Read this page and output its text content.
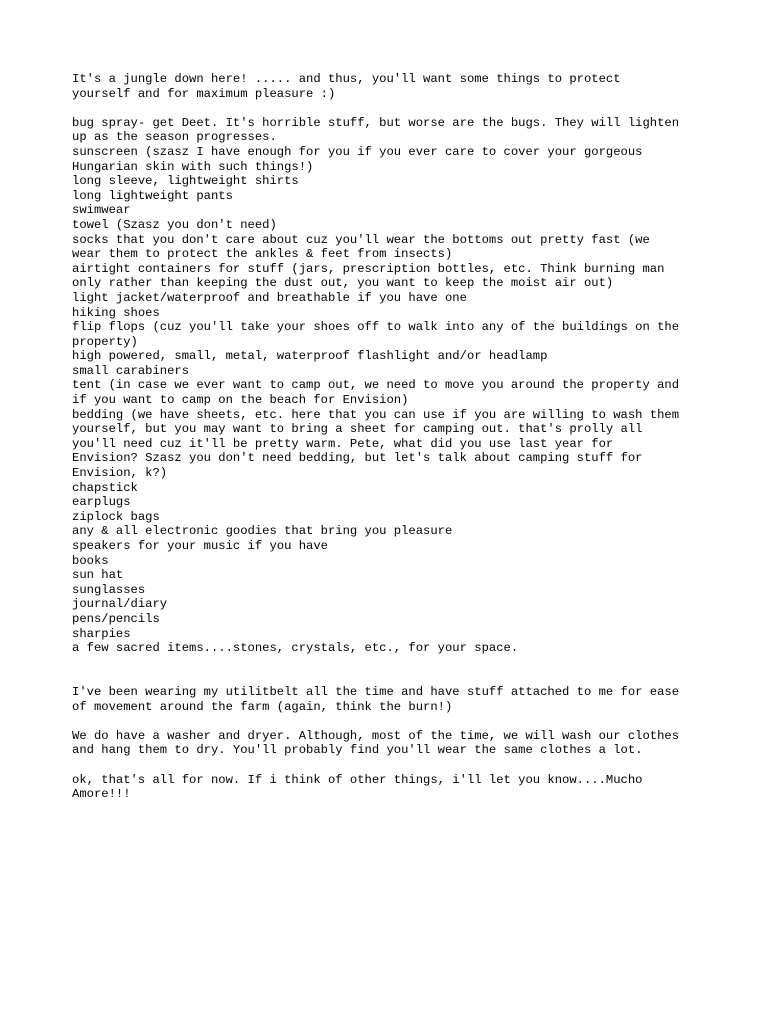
It's a jungle down here! ..... and thus, you'll want some things to protect
yourself and for maximum pleasure :)
bug spray- get Deet. It's horrible stuff, but worse are the bugs. They will lighten
up as the season progresses.
sunscreen (szasz I have enough for you if you ever care to cover your gorgeous
Hungarian skin with such things!)
long sleeve, lightweight shirts
long lightweight pants
swimwear
towel (Szasz you don't need)
socks that you don't care about cuz you'll wear the bottoms out pretty fast (we
wear them to protect the ankles & feet from insects)
airtight containers for stuff (jars, prescription bottles, etc. Think burning man
only rather than keeping the dust out, you want to keep the moist air out)
light jacket/waterproof and breathable if you have one
hiking shoes
flip flops (cuz you'll take your shoes off to walk into any of the buildings on the
property)
high powered, small, metal, waterproof flashlight and/or headlamp
small carabiners
tent (in case we ever want to camp out, we need to move you around the property and
if you want to camp on the beach for Envision)
bedding (we have sheets, etc. here that you can use if you are willing to wash them
yourself, but you may want to bring a sheet for camping out. that's prolly all
you'll need cuz it'll be pretty warm. Pete, what did you use last year for
Envision? Szasz you don't need bedding, but let's talk about camping stuff for
Envision, k?)
chapstick
earplugs
ziplock bags
any & all electronic goodies that bring you pleasure
speakers for your music if you have
books
sun hat
sunglasses
journal/diary
pens/pencils
sharpies
a few sacred items....stones, crystals, etc., for your space.
I've been wearing my utilitbelt all the time and have stuff attached to me for ease
of movement around the farm (again, think the burn!)
We do have a washer and dryer. Although, most of the time, we will wash our clothes
and hang them to dry. You'll probably find you'll wear the same clothes a lot.
ok, that's all for now. If i think of other things, i'll let you know....Mucho
Amore!!!
